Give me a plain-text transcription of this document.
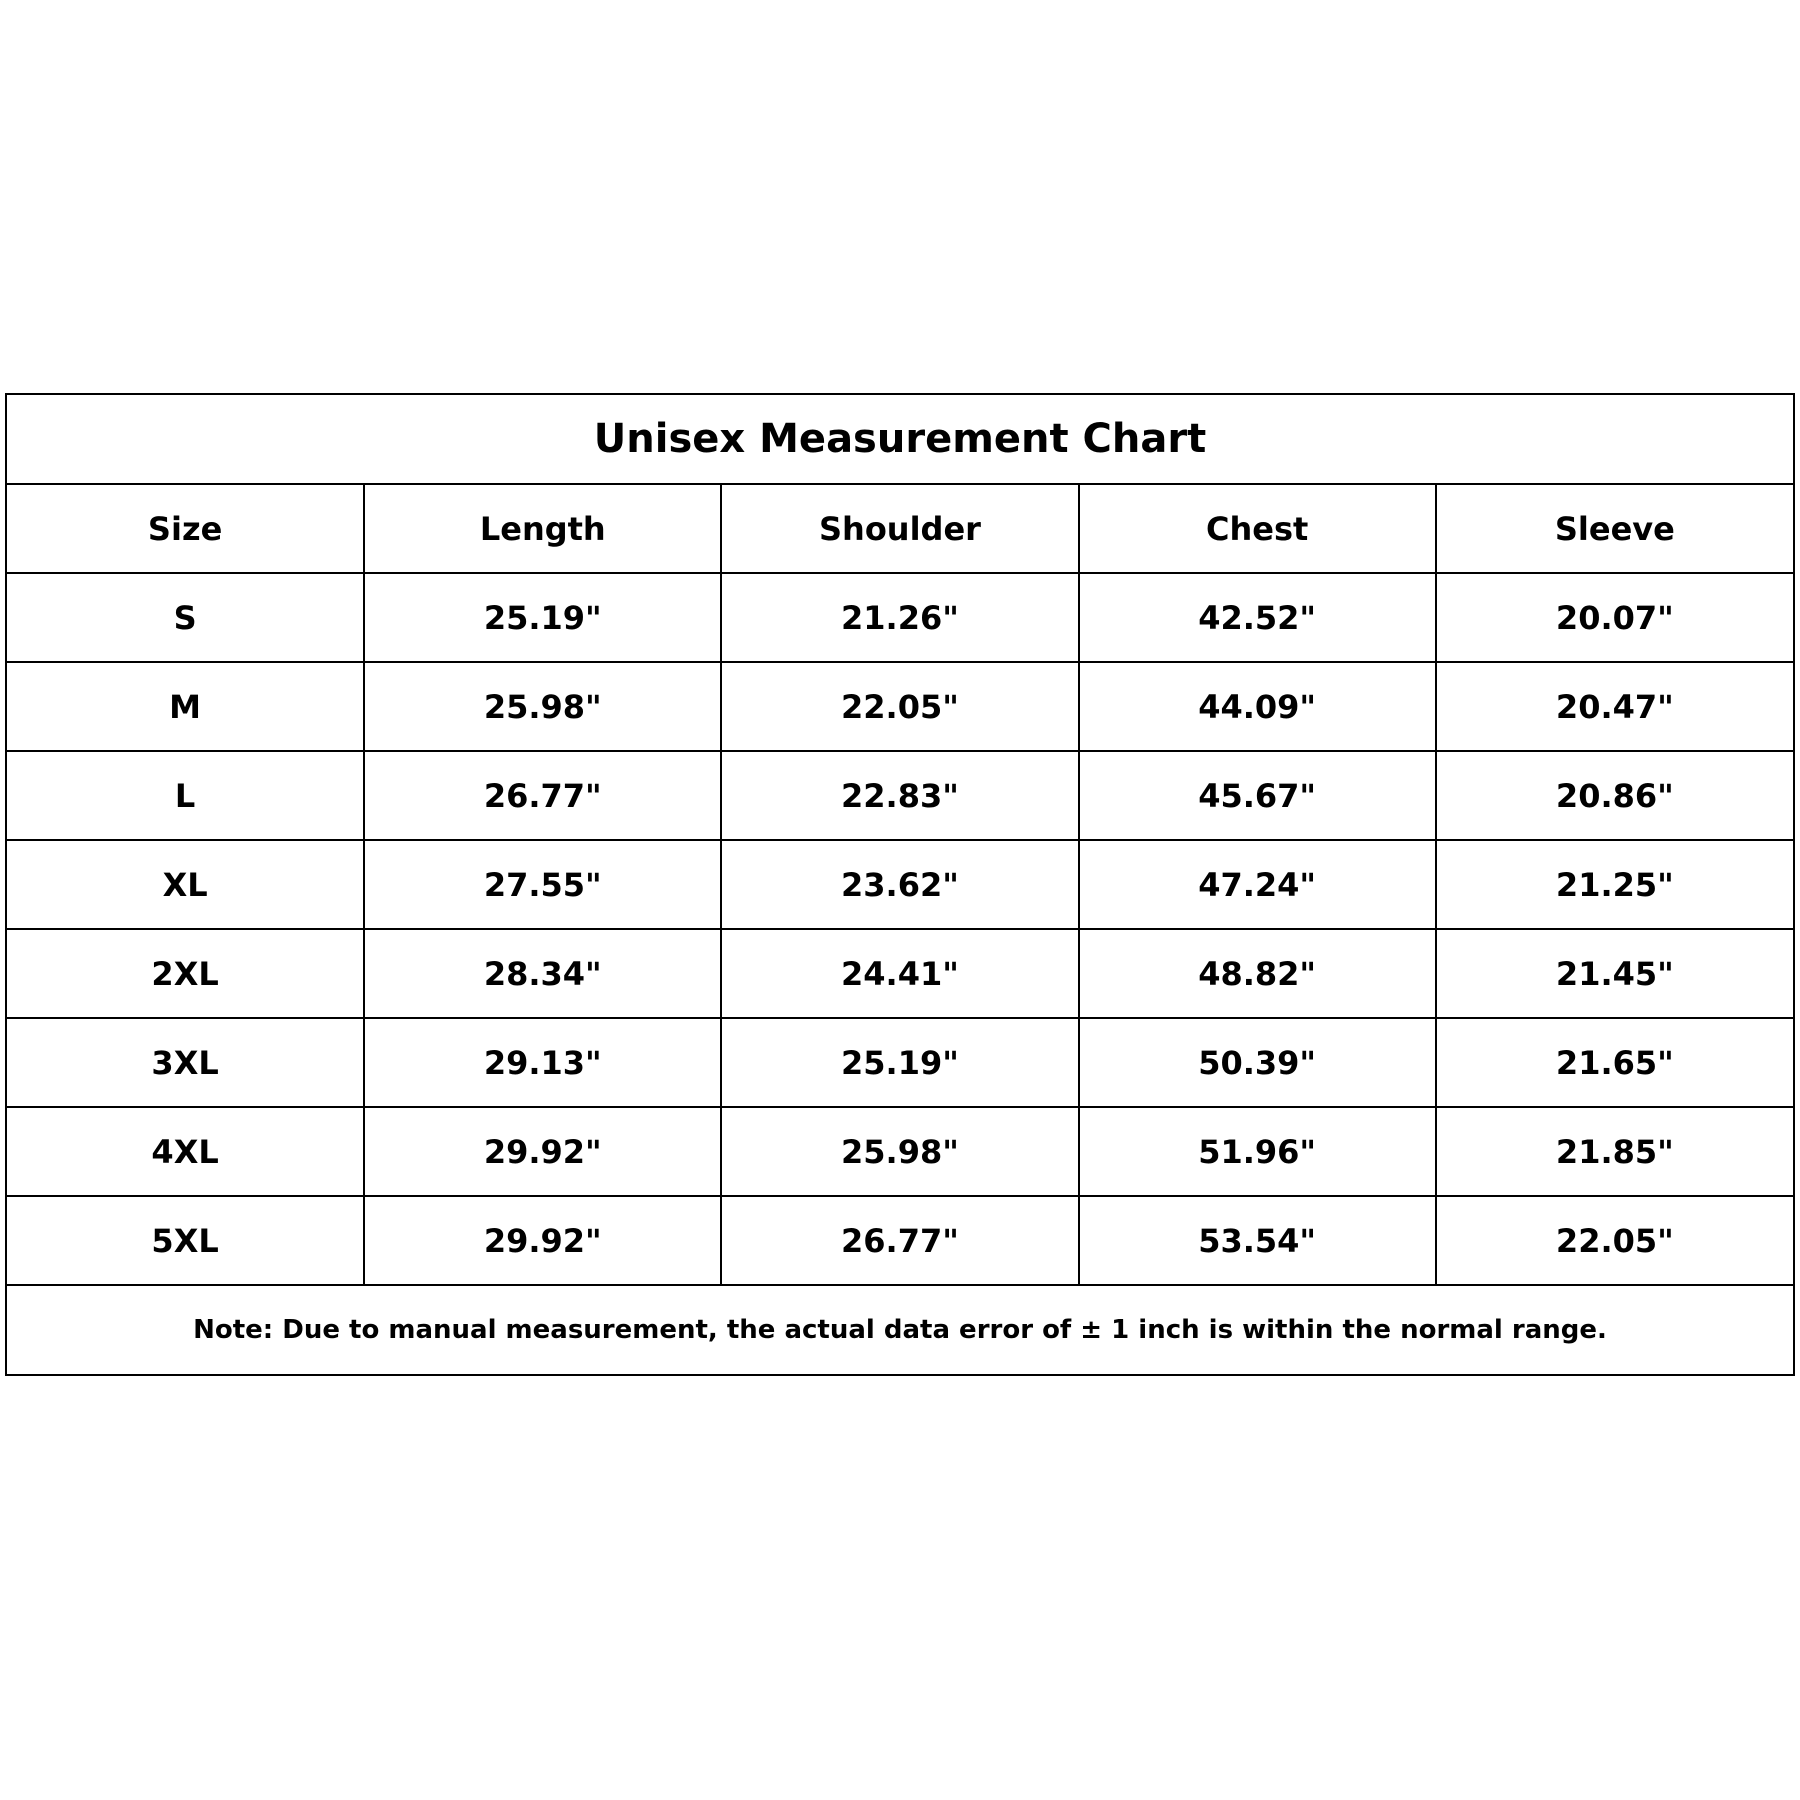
Unisex Measurement Chart				
Size	Length	Shoulder	Chest	Sleeve
S	25.19"	21.26"	42.52"	20.07"
M	25.98"	22.05"	44.09"	20.47"
L	26.77"	22.83"	45.67"	20.86"
XL	27.55"	23.62"	47.24"	21.25"
2XL	28.34"	24.41"	48.82"	21.45"
3XL	29.13"	25.19"	50.39"	21.65"
4XL	29.92"	25.98"	51.96"	21.85"
5XL	29.92"	26.77"	53.54"	22.05"
Note: Due to manual measurement, the actual data error of ± 1 inch is within the normal range.				
